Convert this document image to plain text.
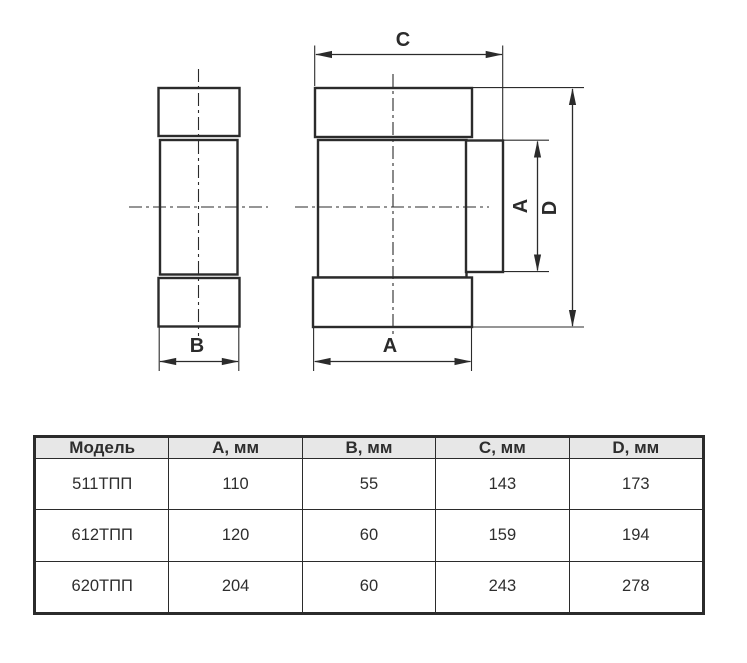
C
B	A
A D
Модель	A, мм	B, мм	C, мм	D, мм
511ТПП	110	55	143	173
612ТПП	120	60	159	194
620ТПП	204	60	243	278
